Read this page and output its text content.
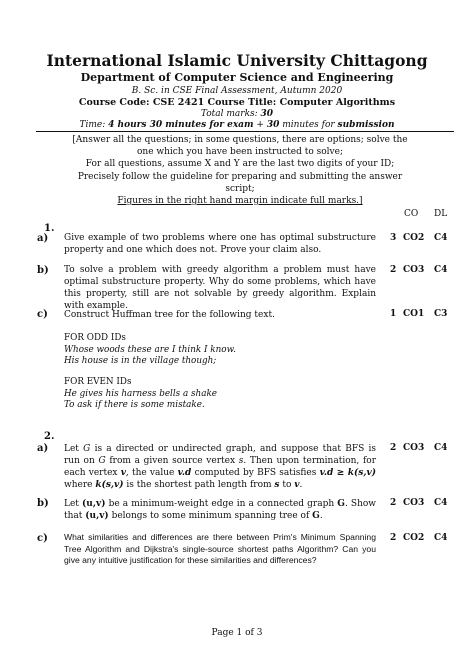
International Islamic University Chittagong
Department of Computer Science and Engineering
B. Sc. in CSE Final Assessment, Autumn 2020
Course Code: CSE 2421 Course Title: Computer Algorithms
Total marks: 30
Time: 4 hours 30 minutes for exam + 30 minutes for submission
[Answer all the questions; in some questions, there are options; solve the
one which you have been instructed to solve;
For all questions, assume X and Y are the last two digits of your ID;
Precisely follow the guideline for preparing and submitting the answer
script;
Figures in the right hand margin indicate full marks.]
CO DL
1.
a) Give example of two problems where one has optimal substructure property and one which does not. Prove your claim also.
3 CO2 C4
b) To solve a problem with greedy algorithm a problem must have optimal substructure property. Why do some problems, which have this property, still are not solvable by greedy algorithm. Explain with example.
2 CO3 C4
c) Construct Huffman tree for the following text.	1 CO1 C3
FOR ODD IDs
Whose woods these are I think I know.
His house is in the village though;
FOR EVEN IDs
He gives his harness bells a shake
To ask if there is some mistake.
2.
a) Let G is a directed or undirected graph, and suppose that BFS is run on G from a given source vertex s. Then upon termination, for each vertex v, the value v.d computed by BFS satisfies v.d ≥ k(s,v) where k(s,v) is the shortest path length from s to v.
2 CO3 C4
b) Let (u,v) be a minimum-weight edge in a connected graph G. Show that (u,v) belongs to some minimum spanning tree of G.
2 CO3 C4
c) What similarities and differences are there between Prim's Minimum Spanning Tree Algorithm and Dijkstra's single-source shortest paths Algorithm? Can you give any intuitive justification for these similarities and differences?
2 CO2 C4
Page 1 of 3
